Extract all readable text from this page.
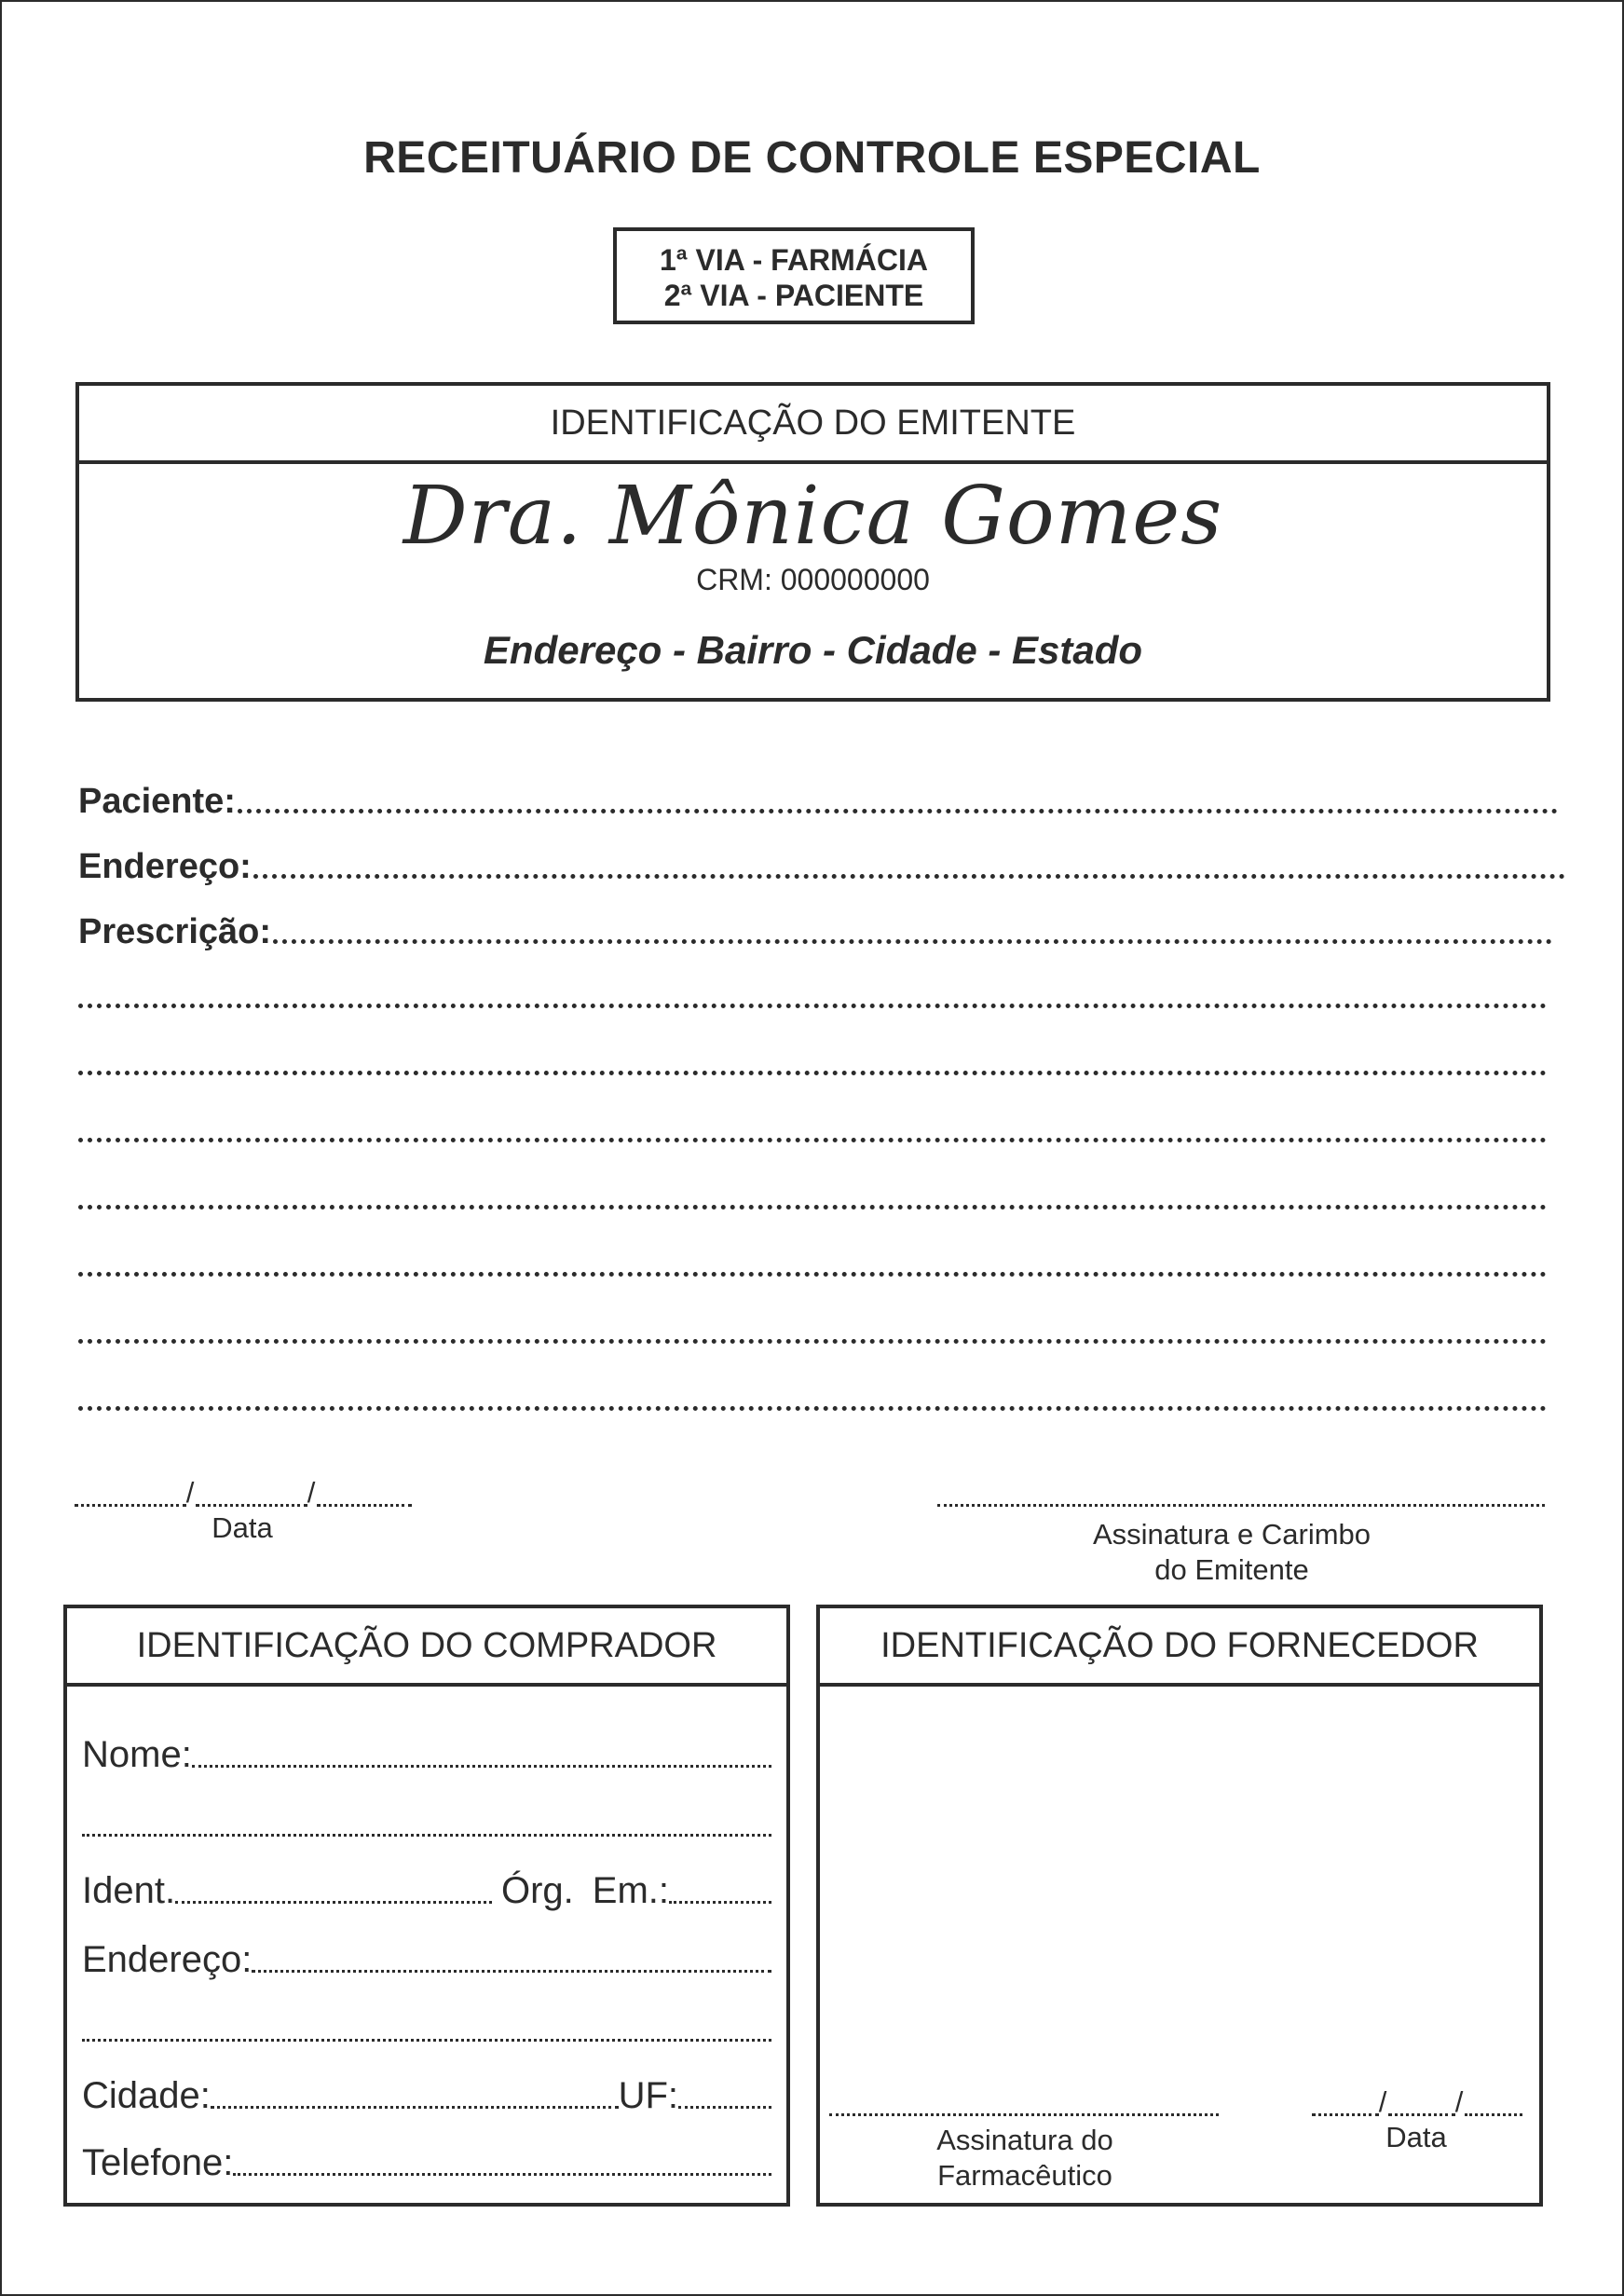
RECEITUÁRIO DE CONTROLE ESPECIAL
1ª VIA - FARMÁCIA
2ª VIA - PACIENTE
IDENTIFICAÇÃO DO EMITENTE
Dra. Mônica Gomes
CRM: 000000000
Endereço - Bairro - Cidade - Estado
Paciente:
Endereço:
Prescrição:
/	/
Data	Assinatura e Carimbo
do Emitente
IDENTIFICAÇÃO DO COMPRADOR
Nome:
Ident.	Órg. Em.:
Endereço:
Cidade:	UF:
Telefone:
IDENTIFICAÇÃO DO FORNECEDOR
Assinatura do
Farmacêutico
/ /
Data
